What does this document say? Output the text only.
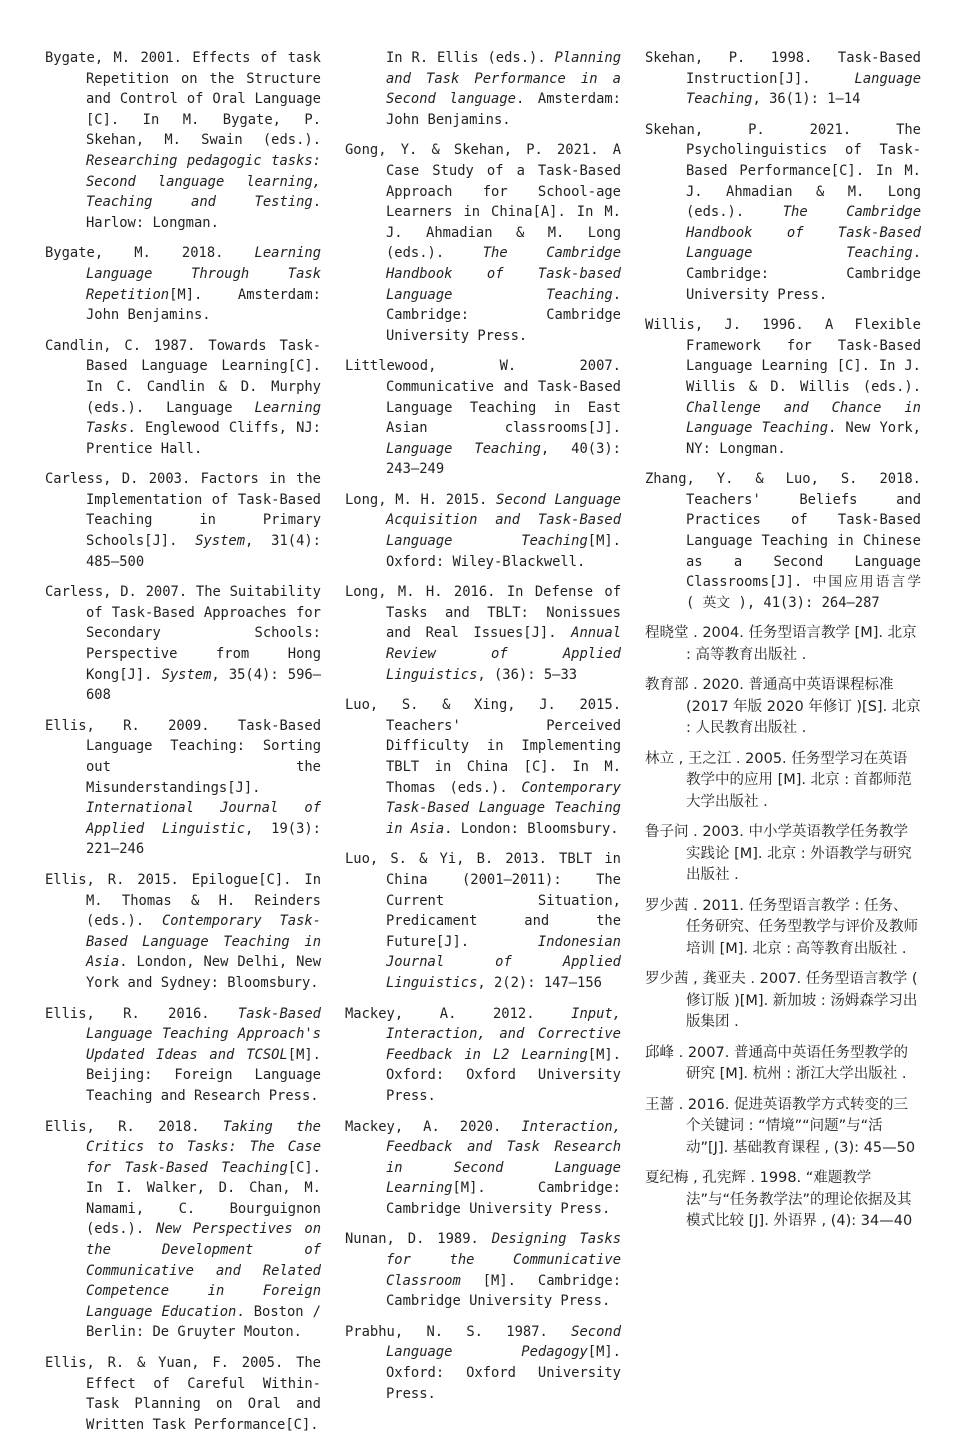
Bygate, M. 2001. Effects of task Repetition on the Structure and Control of Oral Language [C]. In M. Bygate, P. Skehan, M. Swain (eds.). Researching pedagogic tasks: Second language learning, Teaching and Testing. Harlow: Longman.

Bygate, M. 2018. Learning Language Through Task Repetition[M]. Amsterdam: John Benjamins.

Candlin, C. 1987. Towards Task-Based Language Learning[C]. In C. Candlin & D. Murphy (eds.). Language Learning Tasks. Englewood Cliffs, NJ: Prentice Hall.

Carless, D. 2003. Factors in the Implementation of Task-Based Teaching in Primary Schools[J]. System, 31(4): 485—500

Carless, D. 2007. The Suitability of Task-Based Approaches for Secondary Schools: Perspective from Hong Kong[J]. System, 35(4): 596—608

Ellis, R. 2009. Task-Based Language Teaching: Sorting out the Misunderstandings[J]. International Journal of Applied Linguistic, 19(3): 221—246

Ellis, R. 2015. Epilogue[C]. In M. Thomas & H. Reinders (eds.). Contemporary Task-Based Language Teaching in Asia. London, New Delhi, New York and Sydney: Bloomsbury.

Ellis, R. 2016. Task-Based Language Teaching Approach's Updated Ideas and TCSOL[M]. Beijing: Foreign Language Teaching and Research Press.

Ellis, R. 2018. Taking the Critics to Tasks: The Case for Task-Based Teaching[C]. In I. Walker, D. Chan, M. Namami, C. Bourguignon (eds.). New Perspectives on the Development of Communicative and Related Competence in Foreign Language Education. Boston / Berlin: De Gruyter Mouton.

Ellis, R. & Yuan, F. 2005. The Effect of Careful Within-Task Planning on Oral and Written Task Performance[C].

In R. Ellis (eds.). Planning and Task Performance in a Second language. Amsterdam: John Benjamins.

Gong, Y. & Skehan, P. 2021. A Case Study of a Task-Based Approach for School-age Learners in China[A]. In M. J. Ahmadian & M. Long (eds.). The Cambridge Handbook of Task-based Language Teaching. Cambridge: Cambridge University Press.

Littlewood, W. 2007. Communicative and Task-Based Language Teaching in East Asian classrooms[J]. Language Teaching, 40(3): 243—249

Long, M. H. 2015. Second Language Acquisition and Task-Based Language Teaching[M]. Oxford: Wiley-Blackwell.

Long, M. H. 2016. In Defense of Tasks and TBLT: Nonissues and Real Issues[J]. Annual Review of Applied Linguistics, (36): 5—33

Luo, S. & Xing, J. 2015. Teachers' Perceived Difficulty in Implementing TBLT in China [C]. In M. Thomas (eds.). Contemporary Task-Based Language Teaching in Asia. London: Bloomsbury.

Luo, S. & Yi, B. 2013. TBLT in China (2001—2011): The Current Situation, Predicament and the Future[J]. Indonesian Journal of Applied Linguistics, 2(2): 147—156

Mackey, A. 2012. Input, Interaction, and Corrective Feedback in L2 Learning[M]. Oxford: Oxford University Press.

Mackey, A. 2020. Interaction, Feedback and Task Research in Second Language Learning[M]. Cambridge: Cambridge University Press.

Nunan, D. 1989. Designing Tasks for the Communicative Classroom [M]. Cambridge: Cambridge University Press.

Prabhu, N. S. 1987. Second Language Pedagogy[M]. Oxford: Oxford University Press.

Skehan, P. 1998. Task-Based Instruction[J]. Language Teaching, 36(1): 1—14

Skehan, P. 2021. The Psycholinguistics of Task-Based Performance[C]. In M. J. Ahmadian & M. Long (eds.). The Cambridge Handbook of Task-Based Language Teaching. Cambridge: Cambridge University Press.

Willis, J. 1996. A Flexible Framework for Task-Based Language Learning [C]. In J. Willis & D. Willis (eds.). Challenge and Chance in Language Teaching. New York, NY: Longman.

Zhang, Y. & Luo, S. 2018. Teachers' Beliefs and Practices of Task-Based Language Teaching in Chinese as a Second Language Classrooms[J]. 中国应用语言学 ( 英文 ), 41(3): 264—287

程晓堂 . 2004. 任务型语言教学 [M]. 北京 : 高等教育出版社 .

教育部 . 2020. 普通高中英语课程标准 (2017 年版 2020 年修订 )[S]. 北京 : 人民教育出版社 .

林立 , 王之江 . 2005. 任务型学习在英语教学中的应用 [M]. 北京 : 首都师范大学出版社 .

鲁子问 . 2003. 中小学英语教学任务教学实践论 [M]. 北京 : 外语教学与研究出版社 .

罗少茜 . 2011. 任务型语言教学 : 任务、任务研究、任务型教学与评价及教师培训 [M]. 北京 : 高等教育出版社 .

罗少茜 , 龚亚夫 . 2007. 任务型语言教学 ( 修订版 )[M]. 新加坡 : 汤姆森学习出版集团 .

邱峰 . 2007. 普通高中英语任务型教学的研究 [M]. 杭州 : 浙江大学出版社 .

王蔷 . 2016. 促进英语教学方式转变的三个关键词 : “情境”“问题”与“活动”[J]. 基础教育课程 , (3): 45—50

夏纪梅 , 孔宪辉 . 1998. “难题教学法”与“任务教学法”的理论依据及其模式比较 [J]. 外语界 , (4): 34—40
